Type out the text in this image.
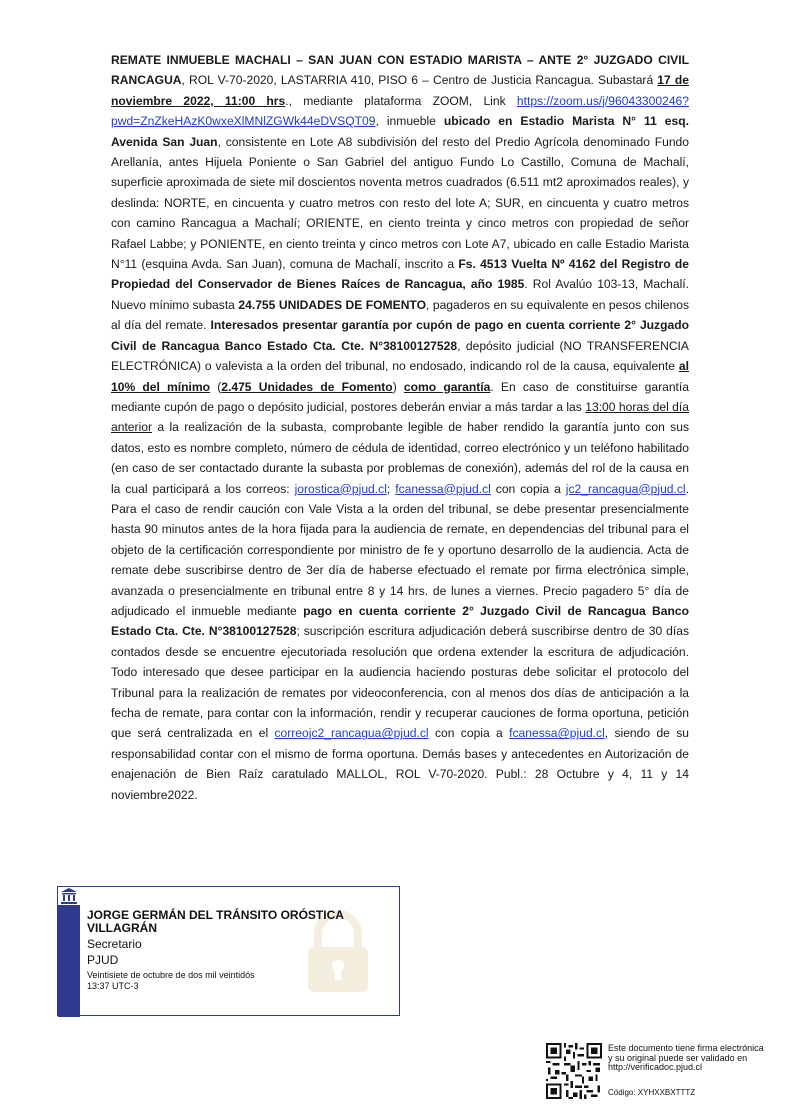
REMATE INMUEBLE MACHALI – SAN JUAN CON ESTADIO MARISTA – ANTE 2° JUZGADO CIVIL RANCAGUA, ROL V-70-2020, LASTARRIA 410, PISO 6 – Centro de Justicia Rancagua. Subastará 17 de noviembre 2022, 11:00 hrs., mediante plataforma ZOOM, Link https://zoom.us/j/96043300246?pwd=ZnZkeHAzK0wxeXlMNlZGWk44eDVSQT09, inmueble ubicado en Estadio Marista N° 11 esq. Avenida San Juan, consistente en Lote A8 subdivisión del resto del Predio Agrícola denominado Fundo Arellanía, antes Hijuela Poniente o San Gabriel del antiguo Fundo Lo Castillo, Comuna de Machalí, superficie aproximada de siete mil doscientos noventa metros cuadrados (6.511 mt2 aproximados reales), y deslinda: NORTE, en cincuenta y cuatro metros con resto del lote A; SUR, en cincuenta y cuatro metros con camino Rancagua a Machalí; ORIENTE, en ciento treinta y cinco metros con propiedad de señor Rafael Labbe; y PONIENTE, en ciento treinta y cinco metros con Lote A7, ubicado en calle Estadio Marista N°11 (esquina Avda. San Juan), comuna de Machalí, inscrito a Fs. 4513 Vuelta Nº 4162 del Registro de Propiedad del Conservador de Bienes Raíces de Rancagua, año 1985. Rol Avalúo 103-13, Machalí. Nuevo mínimo subasta 24.755 UNIDADES DE FOMENTO, pagaderos en su equivalente en pesos chilenos al día del remate. Interesados presentar garantía por cupón de pago en cuenta corriente 2° Juzgado Civil de Rancagua Banco Estado Cta. Cte. N°38100127528, depósito judicial (NO TRANSFERENCIA ELECTRÓNICA) o valevista a la orden del tribunal, no endosado, indicando rol de la causa, equivalente al 10% del mínimo (2.475 Unidades de Fomento) como garantía. En caso de constituirse garantía mediante cupón de pago o depósito judicial, postores deberán enviar a más tardar a las 13:00 horas del día anterior a la realización de la subasta, comprobante legible de haber rendido la garantía junto con sus datos, esto es nombre completo, número de cédula de identidad, correo electrónico y un teléfono habilitado (en caso de ser contactado durante la subasta por problemas de conexión), además del rol de la causa en la cual participará a los correos: jorostica@pjud.cl; fcanessa@pjud.cl con copia a jc2_rancagua@pjud.cl. Para el caso de rendir caución con Vale Vista a la orden del tribunal, se debe presentar presencialmente hasta 90 minutos antes de la hora fijada para la audiencia de remate, en dependencias del tribunal para el objeto de la certificación correspondiente por ministro de fe y oportuno desarrollo de la audiencia. Acta de remate debe suscribirse dentro de 3er día de haberse efectuado el remate por firma electrónica simple, avanzada o presencialmente en tribunal entre 8 y 14 hrs. de lunes a viernes. Precio pagadero 5° día de adjudicado el inmueble mediante pago en cuenta corriente 2° Juzgado Civil de Rancagua Banco Estado Cta. Cte. N°38100127528; suscripción escritura adjudicación deberá suscribirse dentro de 30 días contados desde se encuentre ejecutoriada resolución que ordena extender la escritura de adjudicación. Todo interesado que desee participar en la audiencia haciendo posturas debe solicitar el protocolo del Tribunal para la realización de remates por videoconferencia, con al menos dos días de anticipación a la fecha de remate, para contar con la información, rendir y recuperar cauciones de forma oportuna, petición que será centralizada en el correojc2_rancagua@pjud.cl con copia a fcanessa@pjud.cl, siendo de su responsabilidad contar con el mismo de forma oportuna. Demás bases y antecedentes en Autorización de enajenación de Bien Raíz caratulado MALLOL, ROL V-70-2020. Publ.: 28 Octubre y 4, 11 y 14 noviembre2022.
JORGE GERMÁN DEL TRÁNSITO ORÓSTICA VILLAGRÁN
Secretario
PJUD
Veintisiete de octubre de dos mil veintidós
13:37 UTC-3
Este documento tiene firma electrónica
y su original puede ser validado en
http://verificadoc.pjud.cl
Código: XYHXXBXTTTZ
